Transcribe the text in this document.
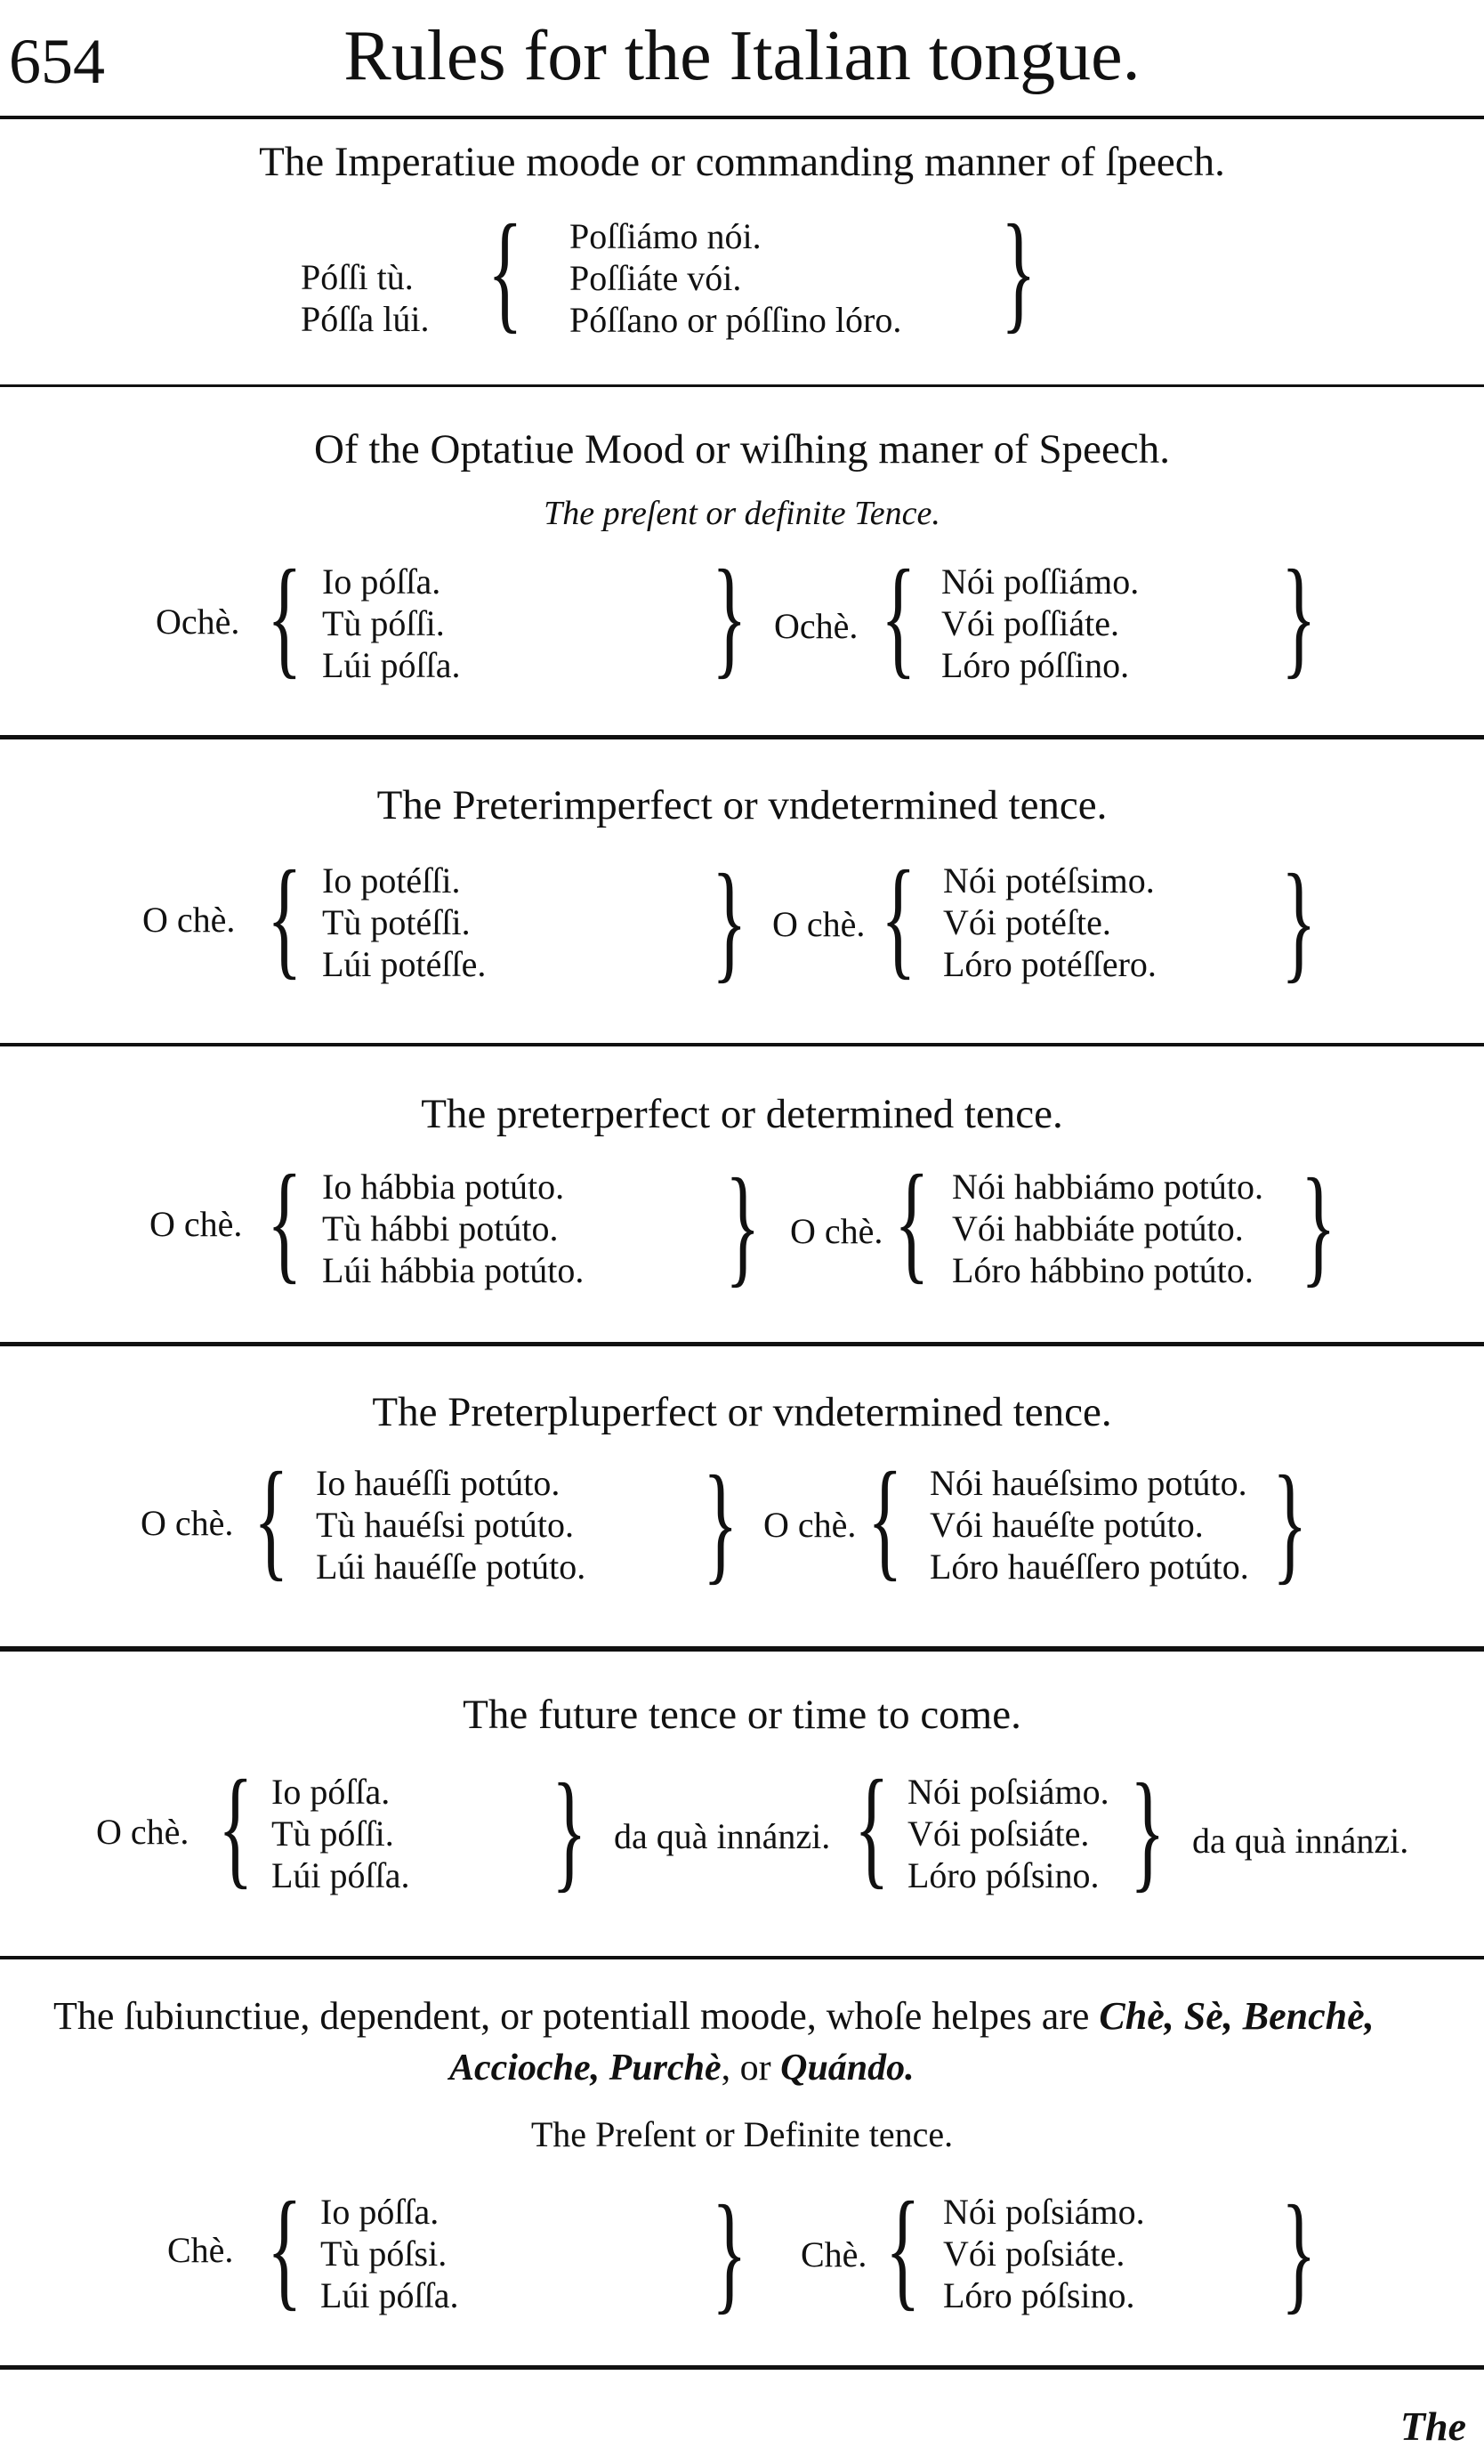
654	Rules for the Italian tongue.
The Imperatiue moode or commanding manner of ſpeech.
Póſſi tù.
Póſſa lúi. { Poſſiámo nói.
Poſſiáte vói.
Póſſano or póſſino lóro. }
Of the Optatiue Mood or wiſhing maner of Speech.
The preſent or definite Tence.
Ochè. { Io póſſa.
Tù póſſi.
Lúi póſſa. } Ochè. { Nói poſſiámo.
Vói poſſiáte.
Lóro póſſino. }
The Preterimperfect or vndetermined tence.
O chè. { Io potéſſi.
Tù potéſſi.
Lúi potéſſe. } O chè. { Nói potéſsimo.
Vói potéſte.
Lóro potéſſero. }
The preterperfect or determined tence.
O chè. { Io hábbia potúto.
Tù hábbi potúto.
Lúi hábbia potúto. } O chè. { Nói habbiámo potúto.
Vói habbiáte potúto.
Lóro hábbino potúto. }
The Preterpluperfect or vndetermined tence.
O chè. { Io hauéſſi potúto.
Tù hauéſsi potúto.
Lúi hauéſſe potúto. } O chè. { Nói hauéſsimo potúto.
Vói hauéſte potúto.
Lóro hauéſſero potúto. }
The future tence or time to come.
O chè. { Io póſſa.
Tù póſſi.
Lúi póſſa. } da quà innánzi. { Nói poſsiámo.
Vói poſsiáte.
Lóro póſsino. } da quà innánzi.
The ſubiunctiue, dependent, or potentiall moode, whoſe helpes are Chè, Sè, Benchè,
Accioche, Purchè, or Quándo.
The Preſent or Definite tence.
Chè. { Io póſſa.
Tù póſsi.
Lúi póſſa. } Chè. { Nói poſsiámo.
Vói poſsiáte.
Lóro póſsino. }
The
